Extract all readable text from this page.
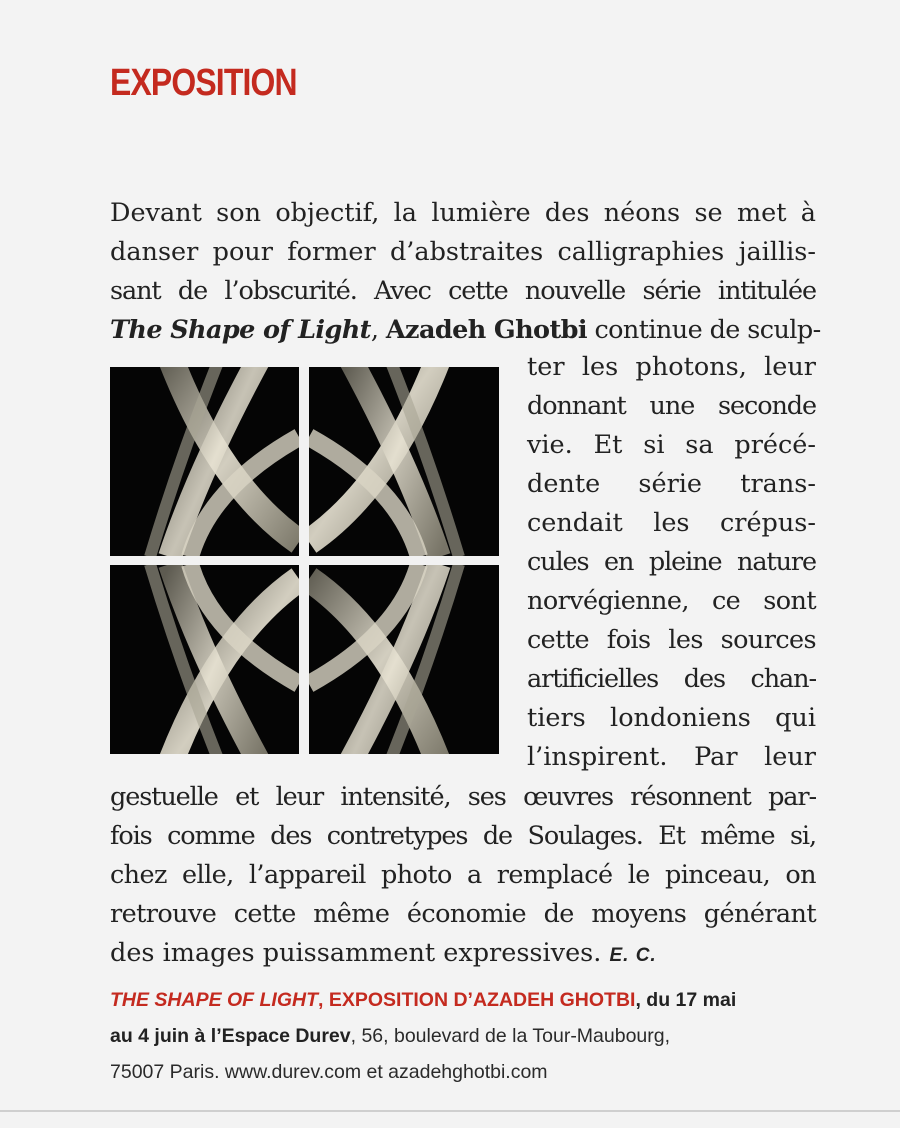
EXPOSITION
Devant son objectif, la lumière des néons se met à
danser pour former d’abstraites calligraphies jaillis-
sant de l’obscurité. Avec cette nouvelle série intitulée
The Shape of Light, Azadeh Ghotbi continue de sculp-
ter les photons, leur
donnant une seconde
vie. Et si sa précé-
dente série trans-
cendait les crépus-
cules en pleine nature
norvégienne, ce sont
cette fois les sources
artificielles des chan-
tiers londoniens qui
l’inspirent. Par leur
gestuelle et leur intensité, ses œuvres résonnent par-
fois comme des contretypes de Soulages. Et même si,
chez elle, l’appareil photo a remplacé le pinceau, on
retrouve cette même économie de moyens générant
des images puissamment expressives. E. C.
THE SHAPE OF LIGHT, EXPOSITION D’AZADEH GHOTBI, du 17 mai
au 4 juin à l’Espace Durev, 56, boulevard de la Tour-Maubourg,
75007 Paris. www.durev.com et azadehghotbi.com
